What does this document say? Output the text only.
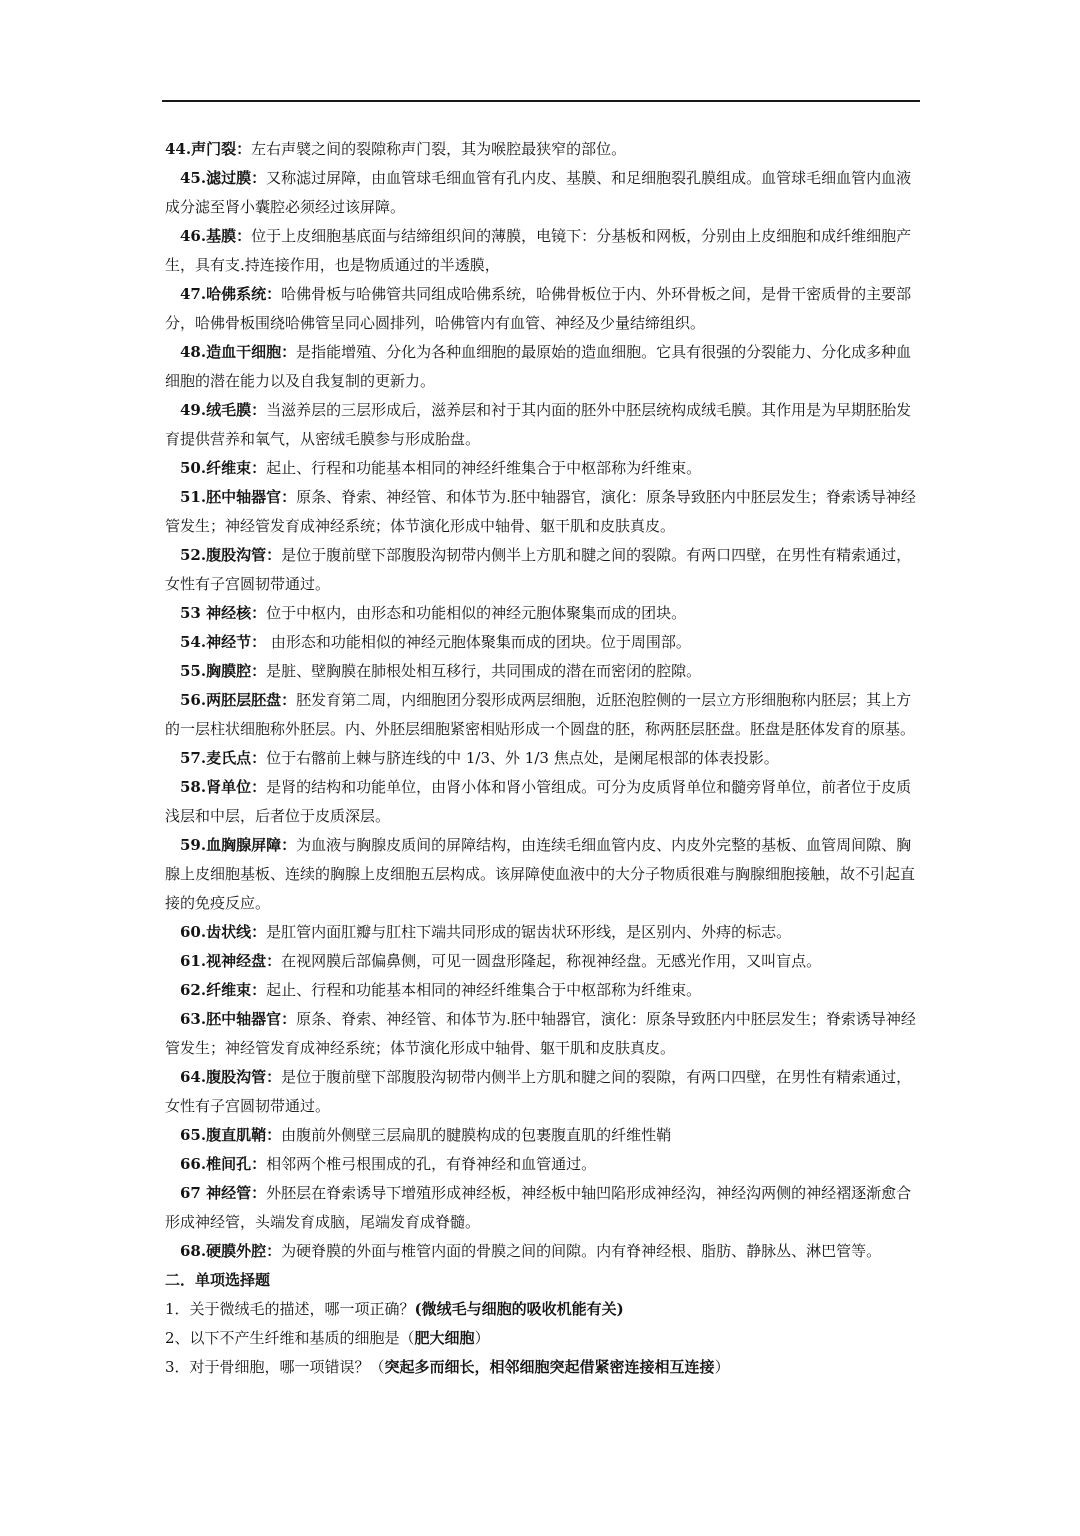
44.声门裂：左右声襞之间的裂隙称声门裂，其为喉腔最狭窄的部位。

45.滤过膜：又称滤过屏障，由血管球毛细血管有孔内皮、基膜、和足细胞裂孔膜组成。血管球毛细血管内血液成分滤至肾小囊腔必须经过该屏障。

46.基膜：位于上皮细胞基底面与结缔组织间的薄膜，电镜下：分基板和网板，分别由上皮细胞和成纤维细胞产生，具有支.持连接作用，也是物质通过的半透膜，

47.哈佛系统：哈佛骨板与哈佛管共同组成哈佛系统，哈佛骨板位于内、外环骨板之间，是骨干密质骨的主要部分，哈佛骨板围绕哈佛管呈同心圆排列，哈佛管内有血管、神经及少量结缔组织。

48.造血干细胞：是指能增殖、分化为各种血细胞的最原始的造血细胞。它具有很强的分裂能力、分化成多种血细胞的潜在能力以及自我复制的更新力。

49.绒毛膜：当滋养层的三层形成后，滋养层和衬于其内面的胚外中胚层统构成绒毛膜。其作用是为早期胚胎发育提供营养和氧气，从密绒毛膜参与形成胎盘。

50.纤维束：起止、行程和功能基本相同的神经纤维集合于中枢部称为纤维束。

51.胚中轴器官：原条、脊索、神经管、和体节为.胚中轴器官，演化：原条导致胚内中胚层发生；脊索诱导神经管发生；神经管发育成神经系统；体节演化形成中轴骨、躯干肌和皮肤真皮。

52.腹股沟管：是位于腹前壁下部腹股沟韧带内侧半上方肌和腱之间的裂隙。有两口四壁，在男性有精索通过，女性有子宫圆韧带通过。

53 神经核：位于中枢内，由形态和功能相似的神经元胞体聚集而成的团块。

54.神经节： 由形态和功能相似的神经元胞体聚集而成的团块。位于周围部。

55.胸膜腔：是脏、壁胸膜在肺根处相互移行，共同围成的潜在而密闭的腔隙。

56.两胚层胚盘：胚发育第二周，内细胞团分裂形成两层细胞，近胚泡腔侧的一层立方形细胞称内胚层；其上方的一层柱状细胞称外胚层。内、外胚层细胞紧密相贴形成一个圆盘的胚，称两胚层胚盘。胚盘是胚体发育的原基。

57.麦氏点：位于右髂前上棘与脐连线的中 1/3、外 1/3 焦点处，是阑尾根部的体表投影。

58.肾单位：是肾的结构和功能单位，由肾小体和肾小管组成。可分为皮质肾单位和髓旁肾单位，前者位于皮质浅层和中层，后者位于皮质深层。

59.血胸腺屏障：为血液与胸腺皮质间的屏障结构，由连续毛细血管内皮、内皮外完整的基板、血管周间隙、胸腺上皮细胞基板、连续的胸腺上皮细胞五层构成。该屏障使血液中的大分子物质很难与胸腺细胞接触，故不引起直接的免疫反应。

60.齿状线：是肛管内面肛瓣与肛柱下端共同形成的锯齿状环形线，是区别内、外痔的标志。

61.视神经盘：在视网膜后部偏鼻侧，可见一圆盘形隆起，称视神经盘。无感光作用，又叫盲点。

62.纤维束：起止、行程和功能基本相同的神经纤维集合于中枢部称为纤维束。

63.胚中轴器官：原条、脊索、神经管、和体节为.胚中轴器官，演化：原条导致胚内中胚层发生；脊索诱导神经管发生；神经管发育成神经系统；体节演化形成中轴骨、躯干肌和皮肤真皮。

64.腹股沟管：是位于腹前壁下部腹股沟韧带内侧半上方肌和腱之间的裂隙，有两口四壁，在男性有精索通过，女性有子宫圆韧带通过。

65.腹直肌鞘：由腹前外侧壁三层扁肌的腱膜构成的包裹腹直肌的纤维性鞘

66.椎间孔：相邻两个椎弓根围成的孔，有脊神经和血管通过。

67 神经管：外胚层在脊索诱导下增殖形成神经板，神经板中轴凹陷形成神经沟，神经沟两侧的神经褶逐渐愈合形成神经管，头端发育成脑，尾端发育成脊髓。

68.硬膜外腔：为硬脊膜的外面与椎管内面的骨膜之间的间隙。内有脊神经根、脂肪、静脉丛、淋巴管等。

二．单项选择题

1．关于微绒毛的描述，哪一项正确？(微绒毛与细胞的吸收机能有关)

2、以下不产生纤维和基质的细胞是（肥大细胞）

3．对于骨细胞，哪一项错误？（突起多而细长，相邻细胞突起借紧密连接相互连接）
